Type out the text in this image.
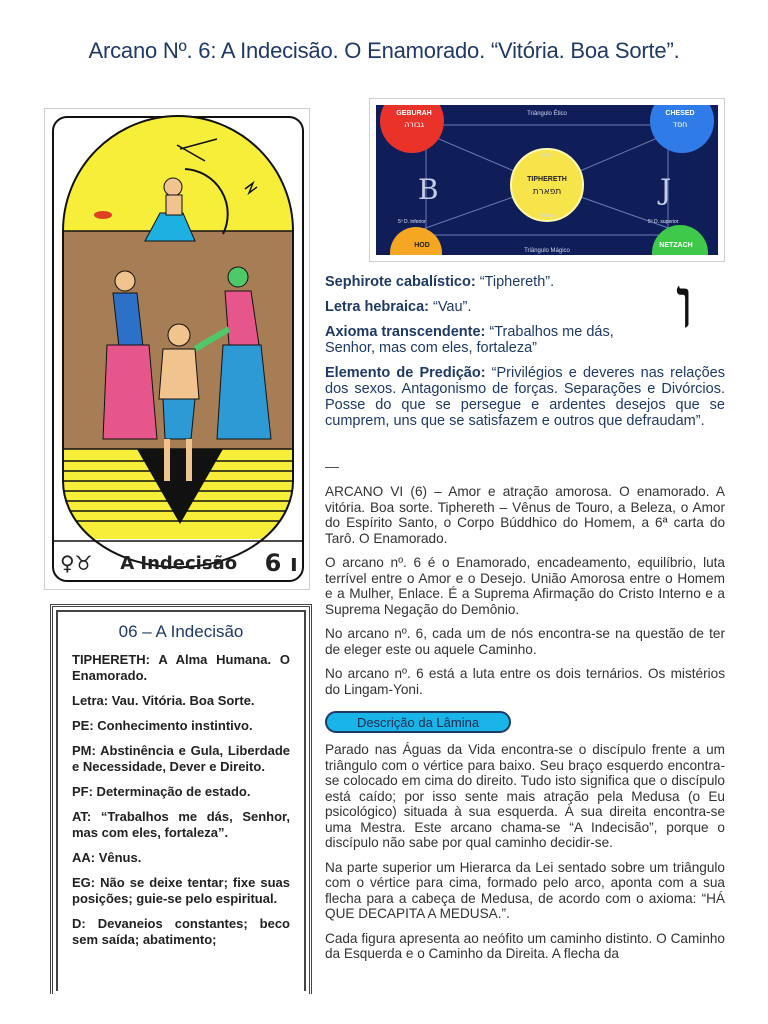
Arcano Nº. 6: A Indecisão. O Enamorado. “Vitória. Boa Sorte”.
♀♉ A Indecisão	ו 6
06 – A Indecisão

TIPHERETH: A Alma Humana. O Enamorado.

Letra: Vau. Vitória. Boa Sorte.

PE: Conhecimento instintivo.

PM: Abstinência e Gula, Liberdade e Necessidade, Dever e Direito.

PF: Determinação de estado.

AT: “Trabalhos me dás, Senhor, mas com eles, fortaleza”.

AA: Vênus.

EG: Não se deixe tentar; fixe suas posições; guie-se pelo espiritual.

D: Devaneios constantes; beco sem saída; abatimento;

Triângulo Ético
Triângulo Mágico
GEBURAH
גבורה
CHESED
חסד
6º D
TIPHERETH
תפארת
Beleza
HOD	NETZACH
B	J
5º D. inferior	5º D. superior
ו

Sephirote cabalístico: “Tiphereth”.

Letra hebraica: “Vau”.

Axioma transcendente: “Trabalhos me dás, Senhor, mas com eles, fortaleza”

Elemento de Predição: “Privilégios e deveres nas relações dos sexos. Antagonismo de forças. Separações e Divórcios. Posse do que se persegue e ardentes desejos que se cumprem, uns que se satisfazem e outros que defraudam”.

—

ARCANO VI (6) – Amor e atração amorosa. O enamorado. A vitória. Boa sorte. Tiphereth – Vênus de Touro, a Beleza, o Amor do Espírito Santo, o Corpo Búddhico do Homem, a 6ª carta do Tarô. O Enamorado.

O arcano nº. 6 é o Enamorado, encadeamento, equilíbrio, luta terrível entre o Amor e o Desejo. União Amorosa entre o Homem e a Mulher, Enlace. É a Suprema Afirmação do Cristo Interno e a Suprema Negação do Demônio.

No arcano nº. 6, cada um de nós encontra-se na questão de ter de eleger este ou aquele Caminho.

No arcano nº. 6 está a luta entre os dois ternários. Os mistérios do Lingam-Yoni.

Descrição da Lâmina

Parado nas Águas da Vida encontra-se o discípulo frente a um triângulo com o vértice para baixo. Seu braço esquerdo encontra-se colocado em cima do direito. Tudo isto significa que o discípulo está caído; por isso sente mais atração pela Medusa (o Eu psicológico) situada à sua esquerda. À sua direita encontra-se uma Mestra. Este arcano chama-se “A Indecisão”, porque o discípulo não sabe por qual caminho decidir-se.

Na parte superior um Hierarca da Lei sentado sobre um triângulo com o vértice para cima, formado pelo arco, aponta com a sua flecha para a cabeça de Medusa, de acordo com o axioma: “HÁ QUE DECAPITA A MEDUSA.”.

Cada figura apresenta ao neófito um caminho distinto. O Caminho da Esquerda e o Caminho da Direita. A flecha da
